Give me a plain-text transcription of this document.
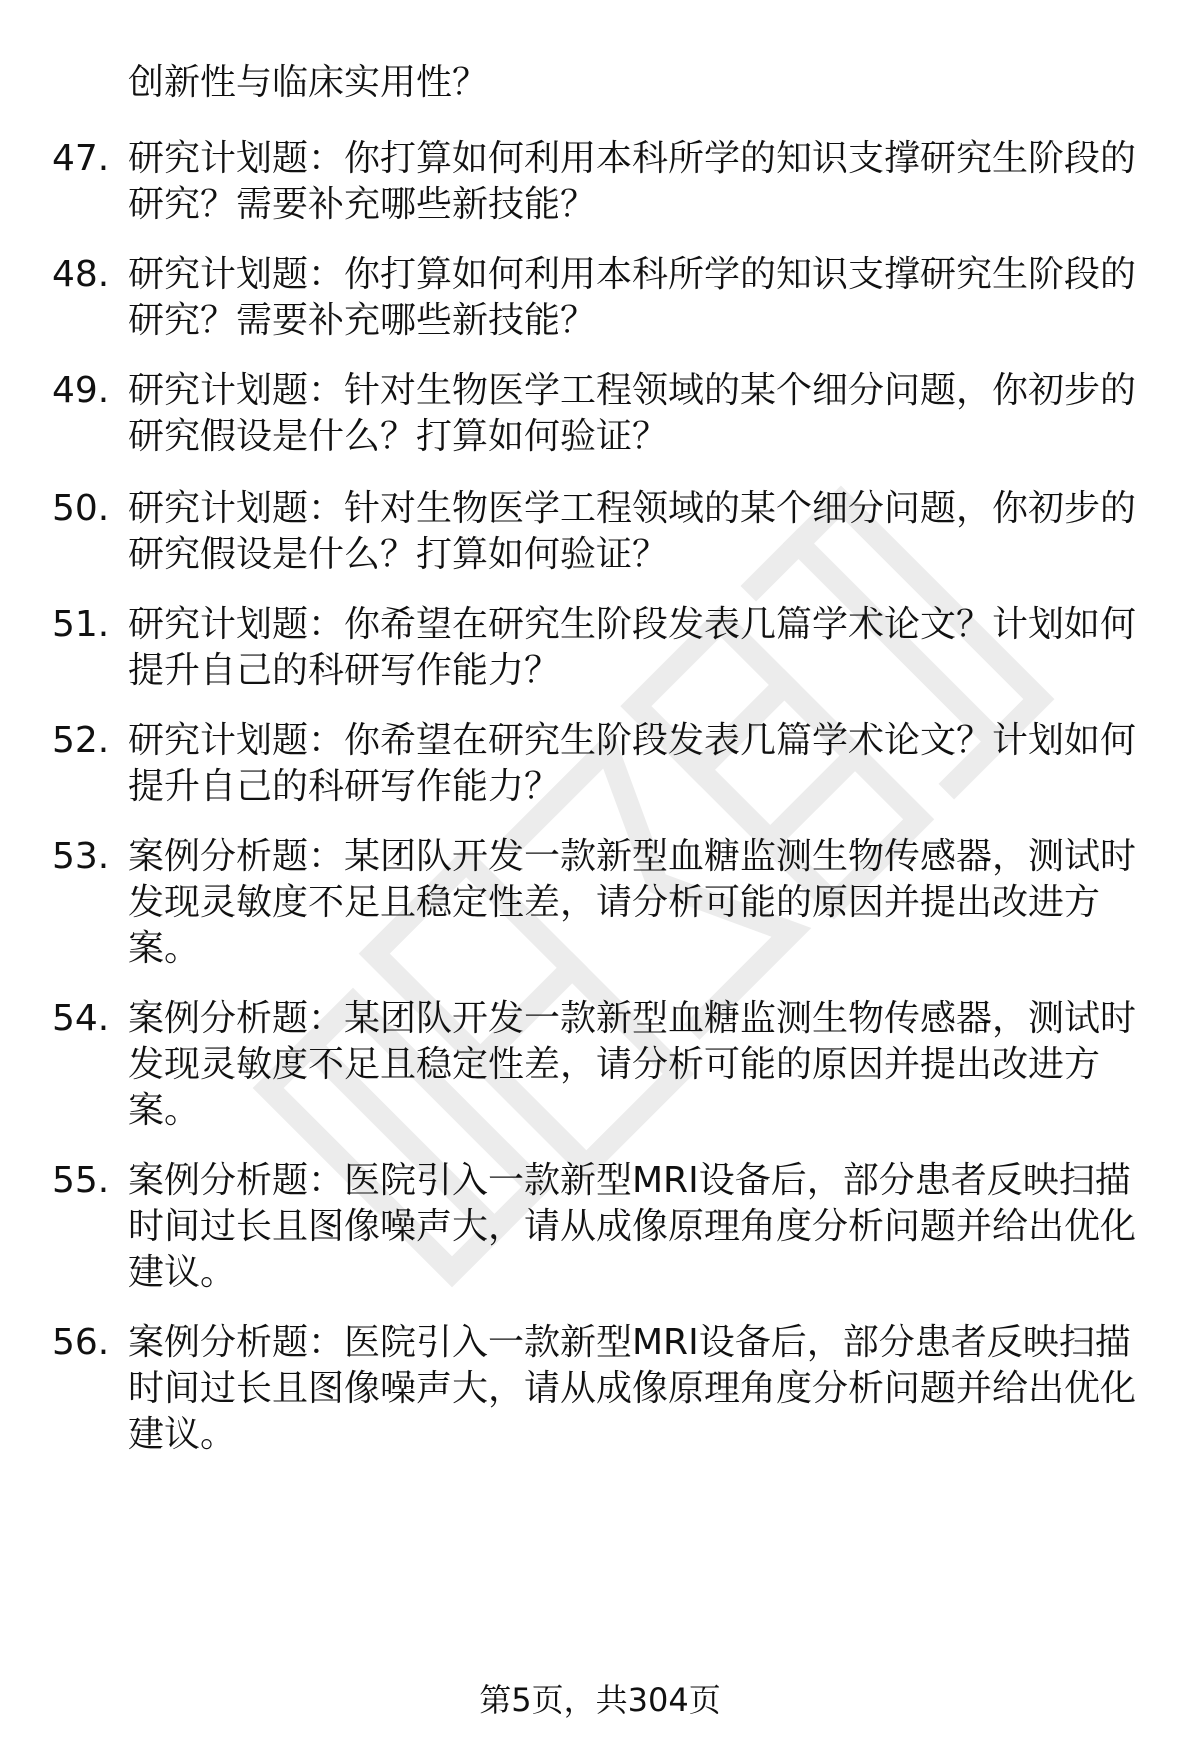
创新性与临床实用性？
47. 研究计划题：你打算如何利用本科所学的知识支撑研究生阶段的研究？需要补充哪些新技能？
48. 研究计划题：你打算如何利用本科所学的知识支撑研究生阶段的研究？需要补充哪些新技能？
49. 研究计划题：针对生物医学工程领域的某个细分问题，你初步的研究假设是什么？打算如何验证？
50. 研究计划题：针对生物医学工程领域的某个细分问题，你初步的研究假设是什么？打算如何验证？
51. 研究计划题：你希望在研究生阶段发表几篇学术论文？计划如何提升自己的科研写作能力？
52. 研究计划题：你希望在研究生阶段发表几篇学术论文？计划如何提升自己的科研写作能力？
53. 案例分析题：某团队开发一款新型血糖监测生物传感器，测试时发现灵敏度不足且稳定性差，请分析可能的原因并提出改进方案。
54. 案例分析题：某团队开发一款新型血糖监测生物传感器，测试时发现灵敏度不足且稳定性差，请分析可能的原因并提出改进方案。
55. 案例分析题：医院引入一款新型MRI设备后，部分患者反映扫描时间过长且图像噪声大，请从成像原理角度分析问题并给出优化建议。
56. 案例分析题：医院引入一款新型MRI设备后，部分患者反映扫描时间过长且图像噪声大，请从成像原理角度分析问题并给出优化建议。
第5页，共304页
